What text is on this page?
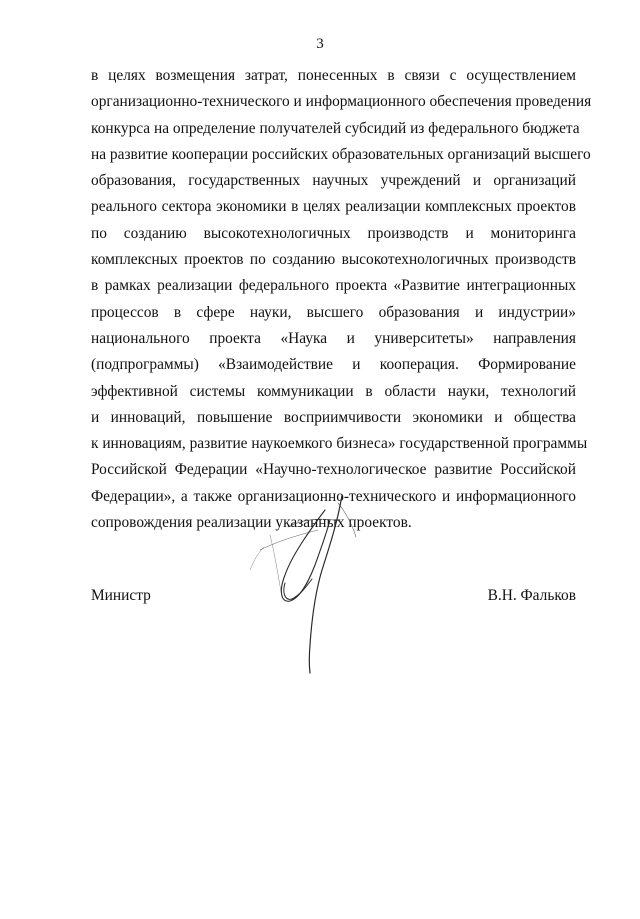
3
в целях возмещения затрат, понесенных в связи с осуществлением
организационно-технического и информационного обеспечения проведения
конкурса на определение получателей субсидий из федерального бюджета
на развитие кооперации российских образовательных организаций высшего
образования, государственных научных учреждений и организаций
реального сектора экономики в целях реализации комплексных проектов
по созданию высокотехнологичных производств и мониторинга
комплексных проектов по созданию высокотехнологичных производств
в рамках реализации федерального проекта «Развитие интеграционных
процессов в сфере науки, высшего образования и индустрии»
национального проекта «Наука и университеты» направления
(подпрограммы) «Взаимодействие и кооперация. Формирование
эффективной системы коммуникации в области науки, технологий
и инноваций, повышение восприимчивости экономики и общества
к инновациям, развитие наукоемкого бизнеса» государственной программы
Российской Федерации «Научно-технологическое развитие Российской
Федерации», а также организационно-технического и информационного
сопровождения реализации указанных проектов.
Министр	В.Н. Фальков
